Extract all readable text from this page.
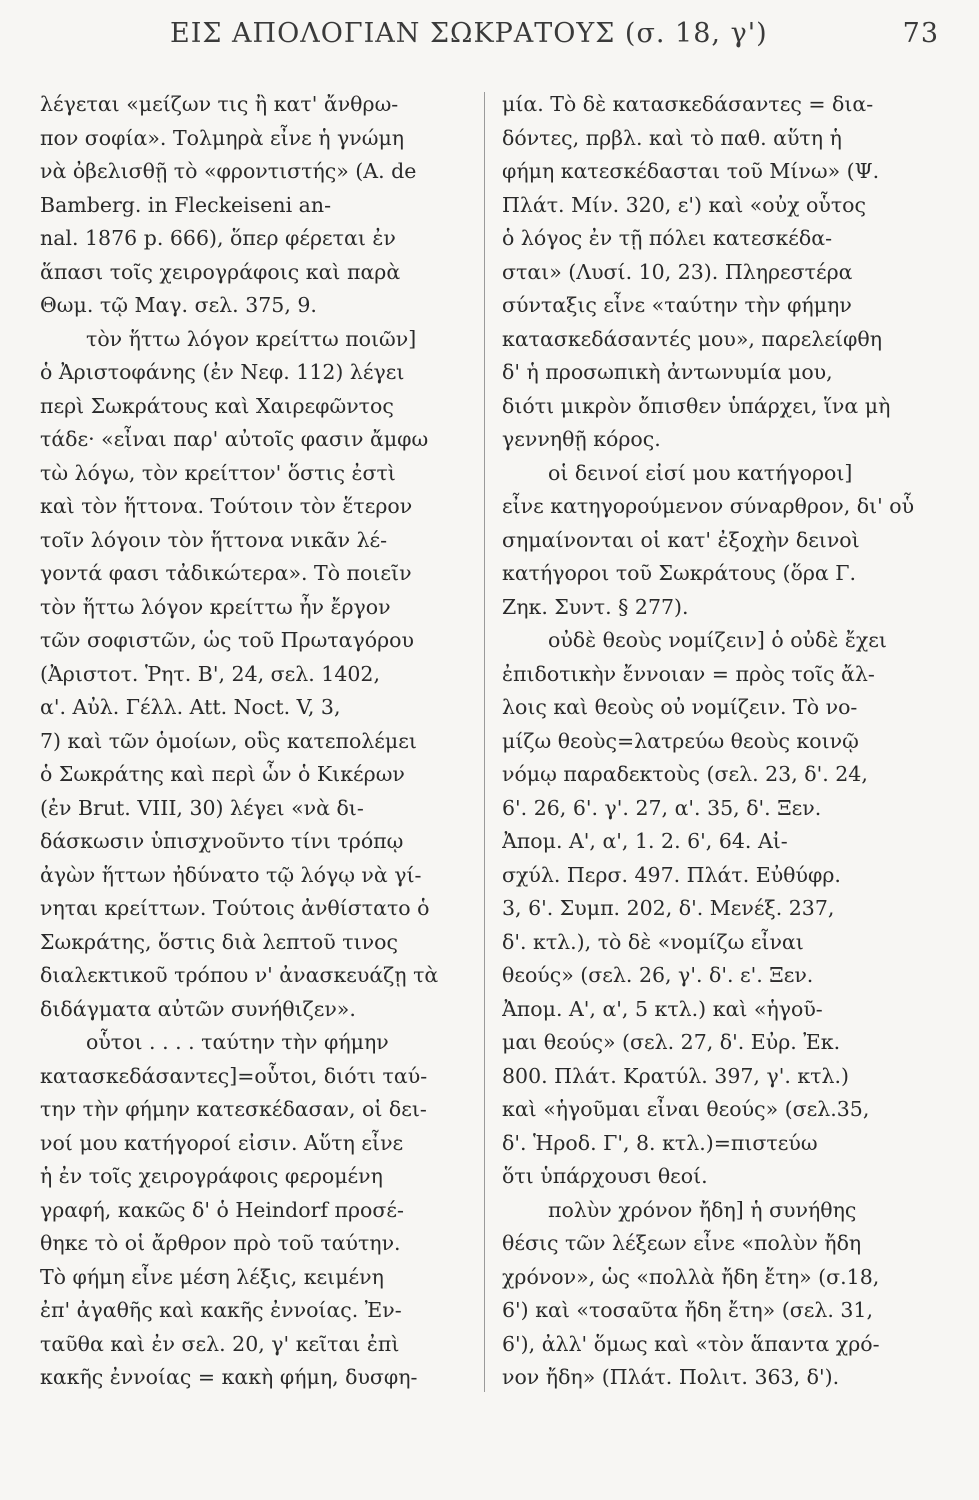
ΕΙΣ ΑΠΟΛΟΓΙΑΝ ΣΩΚΡΑΤΟΥΣ (σ. 18, γ')	73
λέγεται «μείζων τις ἢ κατ' ἄνθρω-
πον σοφία». Τολμηρὰ εἶνε ἡ γνώμη
νὰ ὀβελισθῇ τὸ «φροντιστής» (A. de
Bamberg. in Fleckeiseni an-
nal. 1876 p. 666), ὅπερ φέρεται ἐν
ἅπασι τοῖς χειρογράφοις καὶ παρὰ
Θωμ. τῷ Μαγ. σελ. 375, 9.
τὸν ἥττω λόγον κρείττω ποιῶν]
ὁ Ἀριστοφάνης (ἐν Νεφ. 112) λέγει
περὶ Σωκράτους καὶ Χαιρεφῶντος
τάδε· «εἶναι παρ' αὐτοῖς φασιν ἄμφω
τὼ λόγω, τὸν κρείττον' ὅστις ἐστὶ
καὶ τὸν ἥττονα. Τούτοιν τὸν ἕτερον
τοῖν λόγοιν τὸν ἥττονα νικᾶν λέ-
γοντά φασι τἀδικώτερα». Τὸ ποιεῖν
τὸν ἥττω λόγον κρείττω ἦν ἔργον
τῶν σοφιστῶν, ὡς τοῦ Πρωταγόρου
(Ἀριστοτ. Ῥητ. Β', 24, σελ. 1402,
α'. Αὐλ. Γέλλ. Att. Noct. V, 3,
7) καὶ τῶν ὁμοίων, οὓς κατεπολέμει
ὁ Σωκράτης καὶ περὶ ὧν ὁ Κικέρων
(ἐν Brut. VIII, 30) λέγει «νὰ δι-
δάσκωσιν ὑπισχνοῦντο τίνι τρόπῳ
ἀγὼν ἥττων ἠδύνατο τῷ λόγῳ νὰ γί-
νηται κρείττων. Τούτοις ἀνθίστατο ὁ
Σωκράτης, ὅστις διὰ λεπτοῦ τινος
διαλεκτικοῦ τρόπου ν' ἀνασκευάζῃ τὰ
διδάγματα αὐτῶν συνήθιζεν».
οὗτοι . . . . ταύτην τὴν φήμην
κατασκεδάσαντες]=οὗτοι, διότι ταύ-
την τὴν φήμην κατεσκέδασαν, οἱ δει-
νοί μου κατήγοροί εἰσιν. Αὕτη εἶνε
ἡ ἐν τοῖς χειρογράφοις φερομένη
γραφή, κακῶς δ' ὁ Heindorf προσέ-
θηκε τὸ οἱ ἄρθρον πρὸ τοῦ ταύτην.
Τὸ φήμη εἶνε μέση λέξις, κειμένη
ἐπ' ἀγαθῆς καὶ κακῆς ἐννοίας. Ἐν-
ταῦθα καὶ ἐν σελ. 20, γ' κεῖται ἐπὶ
κακῆς ἐννοίας = κακὴ φήμη, δυσφη-
μία. Τὸ δὲ κατασκεδάσαντες = δια-
δόντες, πρβλ. καὶ τὸ παθ. αὕτη ἡ
φήμη κατεσκέδασται τοῦ Μίνω» (Ψ.
Πλάτ. Μίν. 320, ε') καὶ «οὐχ οὗτος
ὁ λόγος ἐν τῇ πόλει κατεσκέδα-
σται» (Λυσί. 10, 23). Πληρεστέρα
σύνταξις εἶνε «ταύτην τὴν φήμην
κατασκεδάσαντές μου», παρελείφθη
δ' ἡ προσωπικὴ ἀντωνυμία μου,
διότι μικρὸν ὄπισθεν ὑπάρχει, ἵνα μὴ
γεννηθῇ κόρος.
οἱ δεινοί εἰσί μου κατήγοροι]
εἶνε κατηγορούμενον σύναρθρον, δι' οὗ
σημαίνονται οἱ κατ' ἐξοχὴν δεινοὶ
κατήγοροι τοῦ Σωκράτους (ὅρα Γ.
Ζηκ. Συντ. § 277).
οὐδὲ θεοὺς νομίζειν] ὁ οὐδὲ ἔχει
ἐπιδοτικὴν ἔννοιαν = πρὸς τοῖς ἄλ-
λοις καὶ θεοὺς οὐ νομίζειν. Τὸ νο-
μίζω θεοὺς=λατρεύω θεοὺς κοινῷ
νόμῳ παραδεκτοὺς (σελ. 23, δ'. 24,
6'. 26, 6'. γ'. 27, α'. 35, δ'. Ξεν.
Ἀπομ. Α', α', 1. 2. 6', 64. Αἰ-
σχύλ. Περσ. 497. Πλάτ. Εὐθύφρ.
3, 6'. Συμπ. 202, δ'. Μενέξ. 237,
δ'. κτλ.), τὸ δὲ «νομίζω εἶναι
θεούς» (σελ. 26, γ'. δ'. ε'. Ξεν.
Ἀπομ. Α', α', 5 κτλ.) καὶ «ἡγοῦ-
μαι θεούς» (σελ. 27, δ'. Εὐρ. Ἐκ.
800. Πλάτ. Κρατύλ. 397, γ'. κτλ.)
καὶ «ἡγοῦμαι εἶναι θεούς» (σελ.35,
δ'. Ἡροδ. Γ', 8. κτλ.)=πιστεύω
ὅτι ὑπάρχουσι θεοί.
πολὺν χρόνον ἤδη] ἡ συνήθης
θέσις τῶν λέξεων εἶνε «πολὺν ἤδη
χρόνον», ὡς «πολλὰ ἤδη ἔτη» (σ.18,
6') καὶ «τοσαῦτα ἤδη ἔτη» (σελ. 31,
6'), ἀλλ' ὅμως καὶ «τὸν ἅπαντα χρό-
νον ἤδη» (Πλάτ. Πολιτ. 363, δ').
